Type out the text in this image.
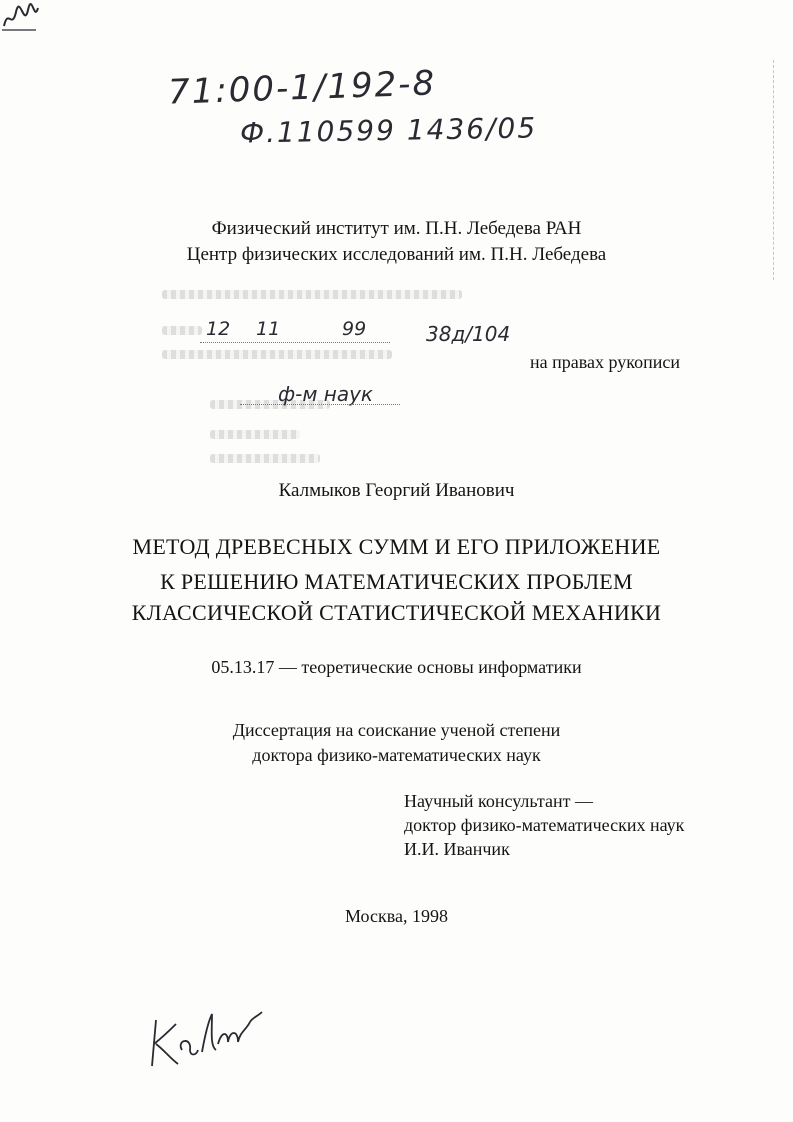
71:00-1/192-8
Ф.110599 1436/05
Физический институт им. П.Н. Лебедева РАН
Центр физических исследований им. П.Н. Лебедева
12 11	99	38д/104
ф-м наук
на правах рукописи
Калмыков Георгий Иванович
МЕТОД ДРЕВЕСНЫХ СУММ И ЕГО ПРИЛОЖЕНИЕ
К РЕШЕНИЮ МАТЕМАТИЧЕСКИХ ПРОБЛЕМ
КЛАССИЧЕСКОЙ СТАТИСТИЧЕСКОЙ МЕХАНИКИ
05.13.17 — теоретические основы информатики
Диссертация на соискание ученой степени
доктора физико-математических наук
Научный консультант —
доктор физико-математических наук
И.И. Иванчик
Москва, 1998
